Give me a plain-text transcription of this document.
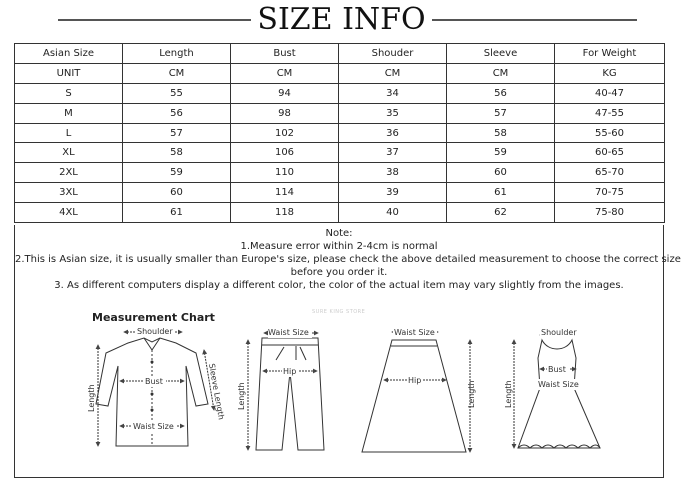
SIZE INFO
Asian Size	Length	Bust	Shouder	Sleeve	For Weight
UNIT	CM	CM	CM	CM	KG
S	55	94	34	56	40-47
M	56	98	35	57	47-55
L	57	102	36	58	55-60
XL	58	106	37	59	60-65
2XL	59	110	38	60	65-70
3XL	60	114	39	61	70-75
4XL	61	118	40	62	75-80
Note:
1.Measure error within 2-4cm is normal
2.This is Asian size, it is usually smaller than Europe's size, please check the above detailed measurement to choose the correct size
before you order it.
3. As different computers display a different color, the color of the actual item may vary slightly from the images.
Measurement Chart	SURE KING STORE
Shoulder
Bust
Waist Size
Length	Sleeve Length
Waist Size
Hip
Length
Waist Size
Hip	Length
Shoulder
Bust
Waist Size
Length
